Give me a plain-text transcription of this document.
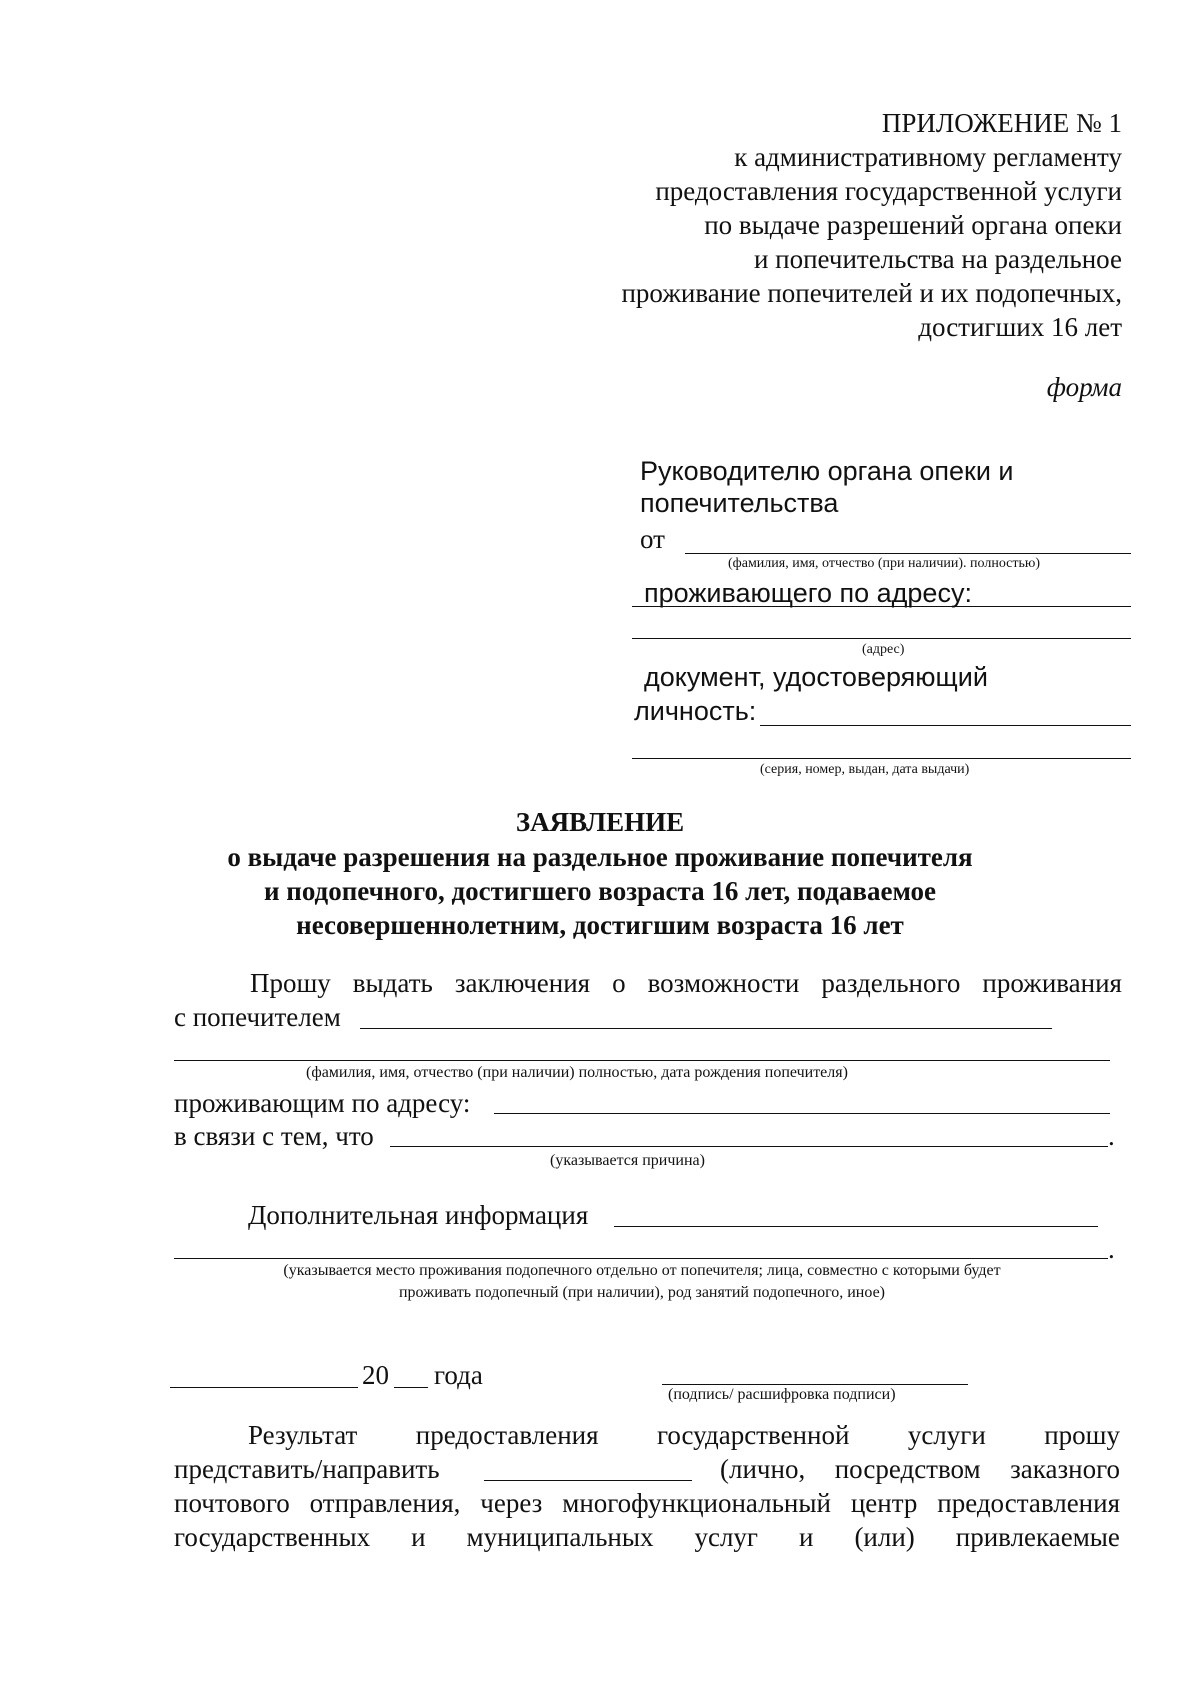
ПРИЛОЖЕНИЕ № 1
к административному регламенту
предоставления государственной услуги
по выдаче разрешений органа опеки
и попечительства на раздельное
проживание попечителей и их подопечных,
достигших 16 лет
форма
Руководителю органа опеки и
попечительства
от
(фамилия, имя, отчество (при наличии). полностью)
проживающего по адресу:
(адрес)
документ, удостоверяющий
личность:
(серия, номер, выдан, дата выдачи)
ЗАЯВЛЕНИЕ
о выдаче разрешения на раздельное проживание попечителя
и подопечного, достигшего возраста 16 лет, подаваемое
несовершеннолетним, достигшим возраста 16 лет
Прошу выдать заключения о возможности раздельного проживания
с попечителем
(фамилия, имя, отчество (при наличии) полностью, дата рождения попечителя)
проживающим по адресу:
в связи с тем, что	.
(указывается причина)
Дополнительная информация
.
(указывается место проживания подопечного отдельно от попечителя; лица, совместно с которыми будет
проживать подопечный (при наличии), род занятий подопечного, иное)
20 года
(подпись/ расшифровка подписи)
Результат предоставления государственной услуги прошу
представить/направить	(лично, посредством заказного
почтового отправления, через многофункциональный центр предоставления
государственных и муниципальных услуг и (или) привлекаемые
